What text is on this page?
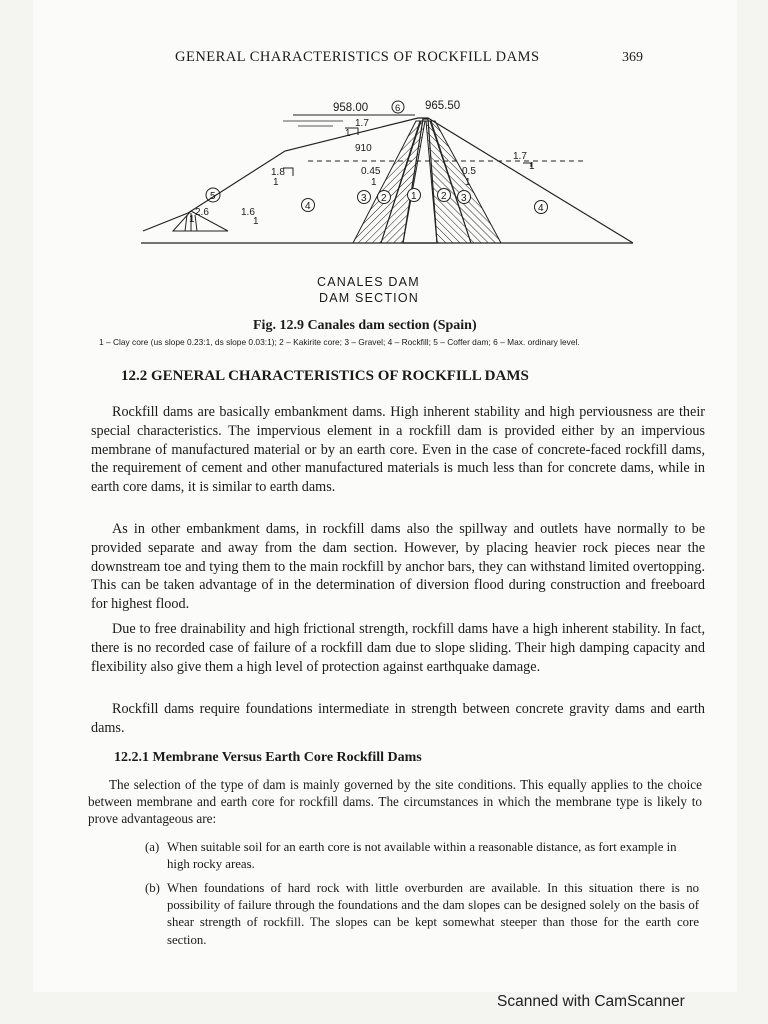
GENERAL CHARACTERISTICS OF ROCKFILL DAMS	369
958.00	6 965.50
1.7
1
910
1.8
1
0.45
1
0.5
1
1.7
1
5
2.6
1
1.6
1
4
3 2 1 2 3
4
CANALES DAM
DAM SECTION
Fig. 12.9 Canales dam section (Spain)
1 – Clay core (us slope 0.23:1, ds slope 0.03:1); 2 – Kakirite core; 3 – Gravel; 4 – Rockfill; 5 – Coffer dam; 6 – Max. ordinary level.
12.2 GENERAL CHARACTERISTICS OF ROCKFILL DAMS

Rockfill dams are basically embankment dams. High inherent stability and high perviousness are their special characteristics. The impervious element in a rockfill dam is provided either by an impervious membrane of manufactured material or by an earth core. Even in the case of concrete-faced rockfill dams, the requirement of cement and other manufactured materials is much less than for concrete dams, while in earth core dams, it is similar to earth dams.

As in other embankment dams, in rockfill dams also the spillway and outlets have normally to be provided separate and away from the dam section. However, by placing heavier rock pieces near the downstream toe and tying them to the main rockfill by anchor bars, they can withstand limited overtopping. This can be taken advantage of in the determination of diversion flood during construction and freeboard for highest flood.

Due to free drainability and high frictional strength, rockfill dams have a high inherent stability. In fact, there is no recorded case of failure of a rockfill dam due to slope sliding. Their high damping capacity and flexibility also give them a high level of protection against earthquake damage.

Rockfill dams require foundations intermediate in strength between concrete gravity dams and earth dams.

12.2.1 Membrane Versus Earth Core Rockfill Dams

The selection of the type of dam is mainly governed by the site conditions. This equally applies to the choice between membrane and earth core for rockfill dams. The circumstances in which the membrane type is likely to prove advantageous are:

(a) When suitable soil for an earth core is not available within a reasonable distance, as fort example in high rocky areas.

(b) When foundations of hard rock with little overburden are available. In this situation there is no possibility of failure through the foundations and the dam slopes can be designed solely on the basis of shear strength of rockfill. The slopes can be kept somewhat steeper than those for the earth core section.

Scanned with CamScanner
